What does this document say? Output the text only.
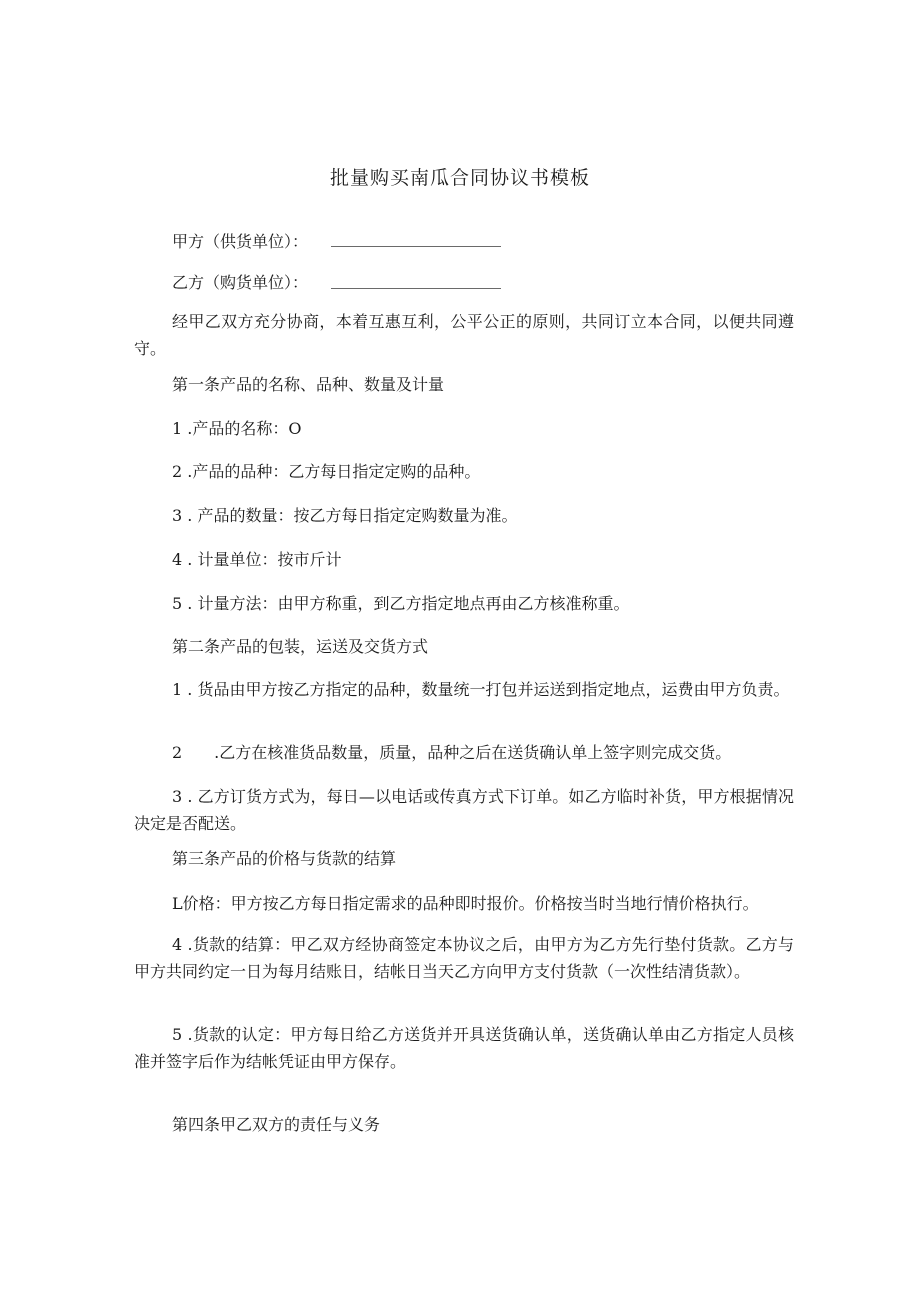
批量购买南瓜合同协议书模板
甲方（供货单位）：
乙方（购货单位）：
经甲乙双方充分协商，本着互惠互利，公平公正的原则，共同订立本合同，以便共同遵守。
第一条产品的名称、品种、数量及计量
1 .产品的名称：O
2 .产品的品种：乙方每日指定定购的品种。
3 . 产品的数量：按乙方每日指定定购数量为准。
4 . 计量单位：按市斤计
5 . 计量方法：由甲方称重，到乙方指定地点再由乙方核准称重。
第二条产品的包装，运送及交货方式
1 . 货品由甲方按乙方指定的品种，数量统一打包并运送到指定地点，运费由甲方负责。
2　　.乙方在核准货品数量，质量，品种之后在送货确认单上签字则完成交货。
3 . 乙方订货方式为，每日—以电话或传真方式下订单。如乙方临时补货，甲方根据情况决定是否配送。
第三条产品的价格与货款的结算
L价格：甲方按乙方每日指定需求的品种即时报价。价格按当时当地行情价格执行。
4 .货款的结算：甲乙双方经协商签定本协议之后，由甲方为乙方先行垫付货款。乙方与甲方共同约定一日为每月结账日，结帐日当天乙方向甲方支付货款（一次性结清货款）。
5 .货款的认定：甲方每日给乙方送货并开具送货确认单，送货确认单由乙方指定人员核准并签字后作为结帐凭证由甲方保存。
第四条甲乙双方的责任与义务
